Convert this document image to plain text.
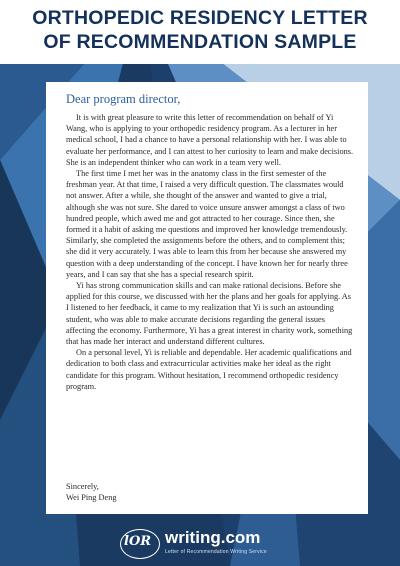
ORTHOPEDIC RESIDENCY LETTER
OF RECOMMENDATION SAMPLE
Dear program director,

It is with great pleasure to write this letter of recommendation on behalf of Yi Wang, who is applying to your orthopedic residency program. As a lecturer in her medical school, I had a chance to have a personal relationship with her. I was able to evaluate her performance, and I can attest to her curiosity to learn and make decisions. She is an independent thinker who can work in a team very well.

The first time I met her was in the anatomy class in the first semester of the freshman year. At that time, I raised a very difficult question. The classmates would not answer. After a while, she thought of the answer and wanted to give a trial, although she was not sure. She dared to voice unsure answer amongst a class of two hundred people, which awed me and got attracted to her courage. Since then, she formed it a habit of asking me questions and improved her knowledge tremendously. Similarly, she completed the assignments before the others, and to complement this; she did it very accurately. I was able to learn this from her because she answered my question with a deep understanding of the concept. I have known her for nearly three years, and I can say that she has a special research spirit.

Yi has strong communication skills and can make rational decisions. Before she applied for this course, we discussed with her the plans and her goals for applying. As I listened to her feedback, it came to my realization that Yi is such an astounding student, who was able to make accurate decisions regarding the general issues affecting the economy. Furthermore, Yi has a great interest in charity work, something that has made her interact and understand different cultures.

On a personal level, Yi is reliable and dependable. Her academic qualifications and dedication to both class and extracurricular activities make her ideal as the right candidate for this program. Without hesitation, I recommend orthopedic residency program.

Sincerely,
Wei Ping Deng
lOR writing.com
Letter of Recommendation Writing Service
